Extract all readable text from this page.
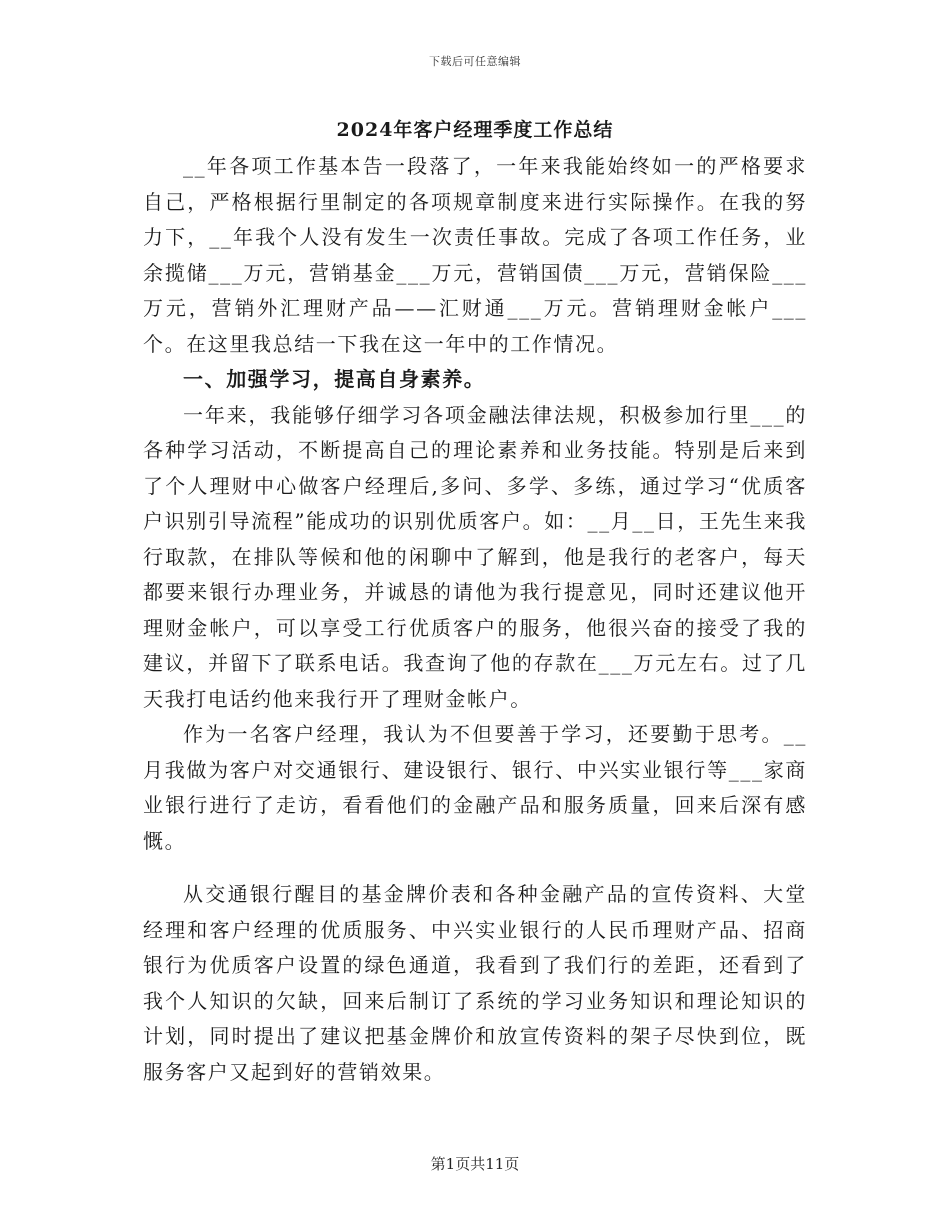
下载后可任意编辑
2024年客户经理季度工作总结

__年各项工作基本告一段落了，一年来我能始终如一的严格要求自己，严格根据行里制定的各项规章制度来进行实际操作。在我的努力下，__年我个人没有发生一次责任事故。完成了各项工作任务，业余揽储___万元，营销基金___万元，营销国债___万元，营销保险___万元，营销外汇理财产品——汇财通___万元。营销理财金帐户___个。在这里我总结一下我在这一年中的工作情况。

一、加强学习，提高自身素养。

一年来，我能够仔细学习各项金融法律法规，积极参加行里___的各种学习活动，不断提高自己的理论素养和业务技能。特别是后来到了个人理财中心做客户经理后,多问、多学、多练，通过学习“优质客户识别引导流程”能成功的识别优质客户。如：__月__日，王先生来我行取款，在排队等候和他的闲聊中了解到，他是我行的老客户，每天都要来银行办理业务，并诚恳的请他为我行提意见，同时还建议他开理财金帐户，可以享受工行优质客户的服务，他很兴奋的接受了我的建议，并留下了联系电话。我查询了他的存款在___万元左右。过了几天我打电话约他来我行开了理财金帐户。

作为一名客户经理，我认为不但要善于学习，还要勤于思考。__月我做为客户对交通银行、建设银行、银行、中兴实业银行等___家商业银行进行了走访，看看他们的金融产品和服务质量，回来后深有感慨。

从交通银行醒目的基金牌价表和各种金融产品的宣传资料、大堂经理和客户经理的优质服务、中兴实业银行的人民币理财产品、招商银行为优质客户设置的绿色通道，我看到了我们行的差距，还看到了我个人知识的欠缺，回来后制订了系统的学习业务知识和理论知识的计划，同时提出了建议把基金牌价和放宣传资料的架子尽快到位，既服务客户又起到好的营销效果。

第1页共11页
